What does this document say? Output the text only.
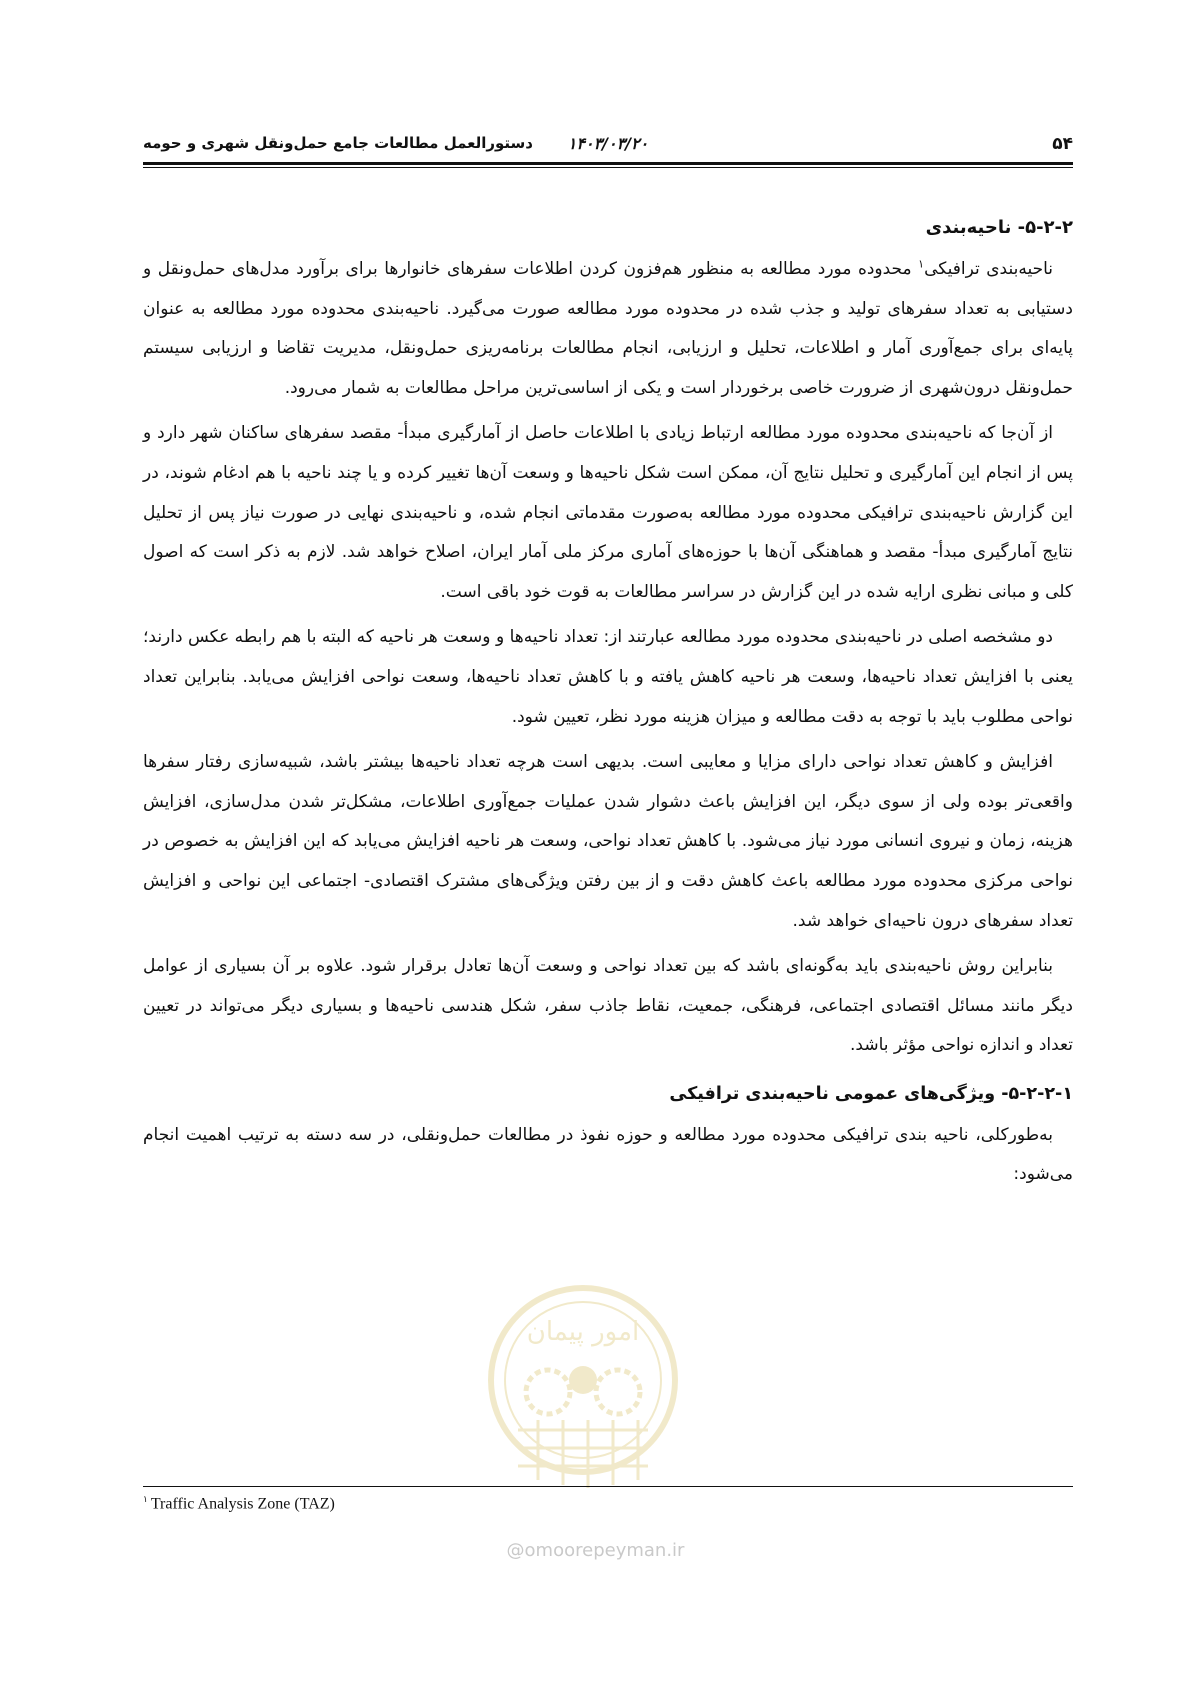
۵۴
۱۴۰۳/۰۳/۲۰
دستورالعمل مطالعات جامع حمل‌ونقل شهری و حومه
۵-۲-۲- ناحیه‌بندی

ناحیه‌بندی ترافیکی$^۱$ محدوده مورد مطالعه به منظور هم‌فزون کردن اطلاعات سفرهای خانوارها برای برآورد مدل‌های حمل‌ونقل و دستیابی به تعداد سفرهای تولید و جذب شده در محدوده مورد مطالعه صورت می‌گیرد. ناحیه‌بندی محدوده مورد مطالعه به عنوان پایه‌ای برای جمع‌آوری آمار و اطلاعات، تحلیل و ارزیابی، انجام مطالعات برنامه‌ریزی حمل‌ونقل، مدیریت تقاضا و ارزیابی سیستم حمل‌ونقل درون‌شهری از ضرورت خاصی برخوردار است و یکی از اساسی‌ترین مراحل مطالعات به شمار می‌رود.

از آن‌جا که ناحیه‌بندی محدوده مورد مطالعه ارتباط زیادی با اطلاعات حاصل از آمارگیری مبدأ- مقصد سفرهای ساکنان شهر دارد و پس از انجام این آمارگیری و تحلیل نتایج آن، ممکن است شکل ناحیه‌ها و وسعت آن‌ها تغییر کرده و یا چند ناحیه با هم ادغام شوند، در این گزارش ناحیه‌بندی ترافیکی محدوده مورد مطالعه به‌صورت مقدماتی انجام شده، و ناحیه‌بندی نهایی در صورت نیاز پس از تحلیل نتایج آمارگیری مبدأ- مقصد و هماهنگی آن‌ها با حوزه‌های آماری مرکز ملی آمار ایران، اصلاح خواهد شد. لازم به ذکر است که اصول کلی و مبانی نظری ارایه شده در این گزارش در سراسر مطالعات به قوت خود باقی است.

دو مشخصه اصلی در ناحیه‌بندی محدوده مورد مطالعه عبارتند از: تعداد ناحیه‌ها و وسعت هر ناحیه که البته با هم رابطه عکس دارند؛ یعنی با افزایش تعداد ناحیه‌ها، وسعت هر ناحیه کاهش یافته و با کاهش تعداد ناحیه‌ها، وسعت نواحی افزایش می‌یابد. بنابراین تعداد نواحی مطلوب باید با توجه به دقت مطالعه و میزان هزینه مورد نظر، تعیین شود.

افزایش و کاهش تعداد نواحی دارای مزایا و معایبی است. بدیهی است هرچه تعداد ناحیه‌ها بیشتر باشد، شبیه‌سازی رفتار سفرها واقعی‌تر بوده ولی از سوی دیگر، این افزایش باعث دشوار شدن عملیات جمع‌آوری اطلاعات، مشکل‌تر شدن مدل‌سازی، افزایش هزینه، زمان و نیروی انسانی مورد نیاز می‌شود. با کاهش تعداد نواحی، وسعت هر ناحیه افزایش می‌یابد که این افزایش به خصوص در نواحی مرکزی محدوده مورد مطالعه باعث کاهش دقت و از بین رفتن ویژگی‌های مشترک اقتصادی- اجتماعی این نواحی و افزایش تعداد سفرهای درون ناحیه‌ای خواهد شد.

بنابراین روش ناحیه‌بندی باید به‌گونه‌ای باشد که بین تعداد نواحی و وسعت آن‌ها تعادل برقرار شود. علاوه بر آن بسیاری از عوامل دیگر مانند مسائل اقتصادی اجتماعی، فرهنگی، جمعیت، نقاط جاذب سفر، شکل هندسی ناحیه‌ها و بسیاری دیگر می‌تواند در تعیین تعداد و اندازه نواحی مؤثر باشد.

۵-۲-۲-۱- ویژگی‌های عمومی ناحیه‌بندی ترافیکی

به‌طورکلی، ناحیه بندی ترافیکی محدوده مورد مطالعه و حوزه نفوذ در مطالعات حمل‌ونقلی، در سه دسته به ترتیب اهمیت انجام می‌شود:

امور پیمان
$^۱$ Traffic Analysis Zone (TAZ)
@omoorepeyman.ir
